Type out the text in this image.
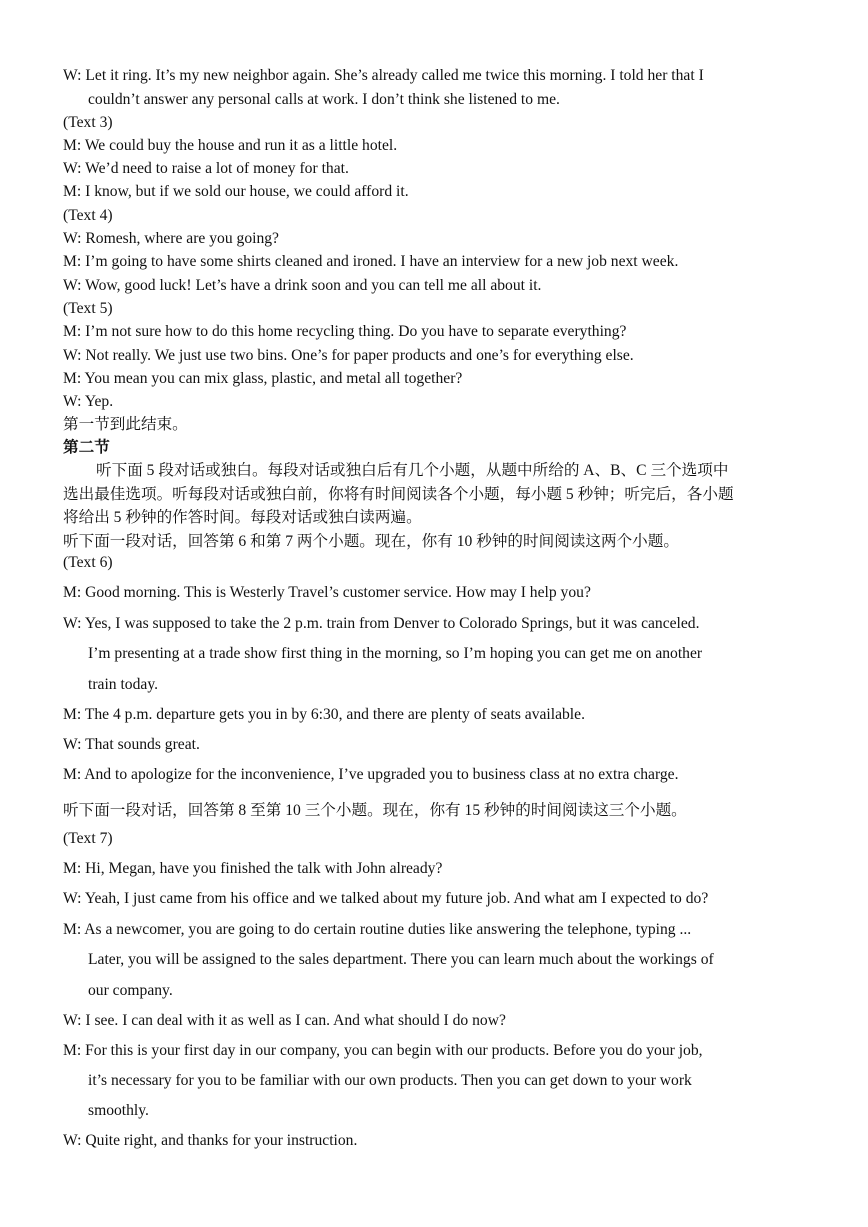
W: Let it ring. It’s my new neighbor again. She’s already called me twice this morning. I told her that I
couldn’t answer any personal calls at work. I don’t think she listened to me.
(Text 3)
M: We could buy the house and run it as a little hotel.
W: We’d need to raise a lot of money for that.
M: I know, but if we sold our house, we could afford it.
(Text 4)
W: Romesh, where are you going?
M: I’m going to have some shirts cleaned and ironed. I have an interview for a new job next week.
W: Wow, good luck! Let’s have a drink soon and you can tell me all about it.
(Text 5)
M: I’m not sure how to do this home recycling thing. Do you have to separate everything?
W: Not really. We just use two bins. One’s for paper products and one’s for everything else.
M: You mean you can mix glass, plastic, and metal all together?
W: Yep.
第一节到此结束。
第二节
听下面 5 段对话或独白。每段对话或独白后有几个小题，从题中所给的 A、B、C 三个选项中
选出最佳选项。听每段对话或独白前，你将有时间阅读各个小题，每小题 5 秒钟；听完后，各小题
将给出 5 秒钟的作答时间。每段对话或独白读两遍。
听下面一段对话，回答第 6 和第 7 两个小题。现在，你有 10 秒钟的时间阅读这两个小题。
(Text 6)
M: Good morning. This is Westerly Travel’s customer service. How may I help you?
W: Yes, I was supposed to take the 2 p.m. train from Denver to Colorado Springs, but it was canceled.
I’m presenting at a trade show first thing in the morning, so I’m hoping you can get me on another
train today.
M: The 4 p.m. departure gets you in by 6:30, and there are plenty of seats available.
W: That sounds great.
M: And to apologize for the inconvenience, I’ve upgraded you to business class at no extra charge.
听下面一段对话，回答第 8 至第 10 三个小题。现在，你有 15 秒钟的时间阅读这三个小题。
(Text 7)
M: Hi, Megan, have you finished the talk with John already?
W: Yeah, I just came from his office and we talked about my future job. And what am I expected to do?
M: As a newcomer, you are going to do certain routine duties like answering the telephone, typing ...
Later, you will be assigned to the sales department. There you can learn much about the workings of
our company.
W: I see. I can deal with it as well as I can. And what should I do now?
M: For this is your first day in our company, you can begin with our products. Before you do your job,
it’s necessary for you to be familiar with our own products. Then you can get down to your work
smoothly.
W: Quite right, and thanks for your instruction.
